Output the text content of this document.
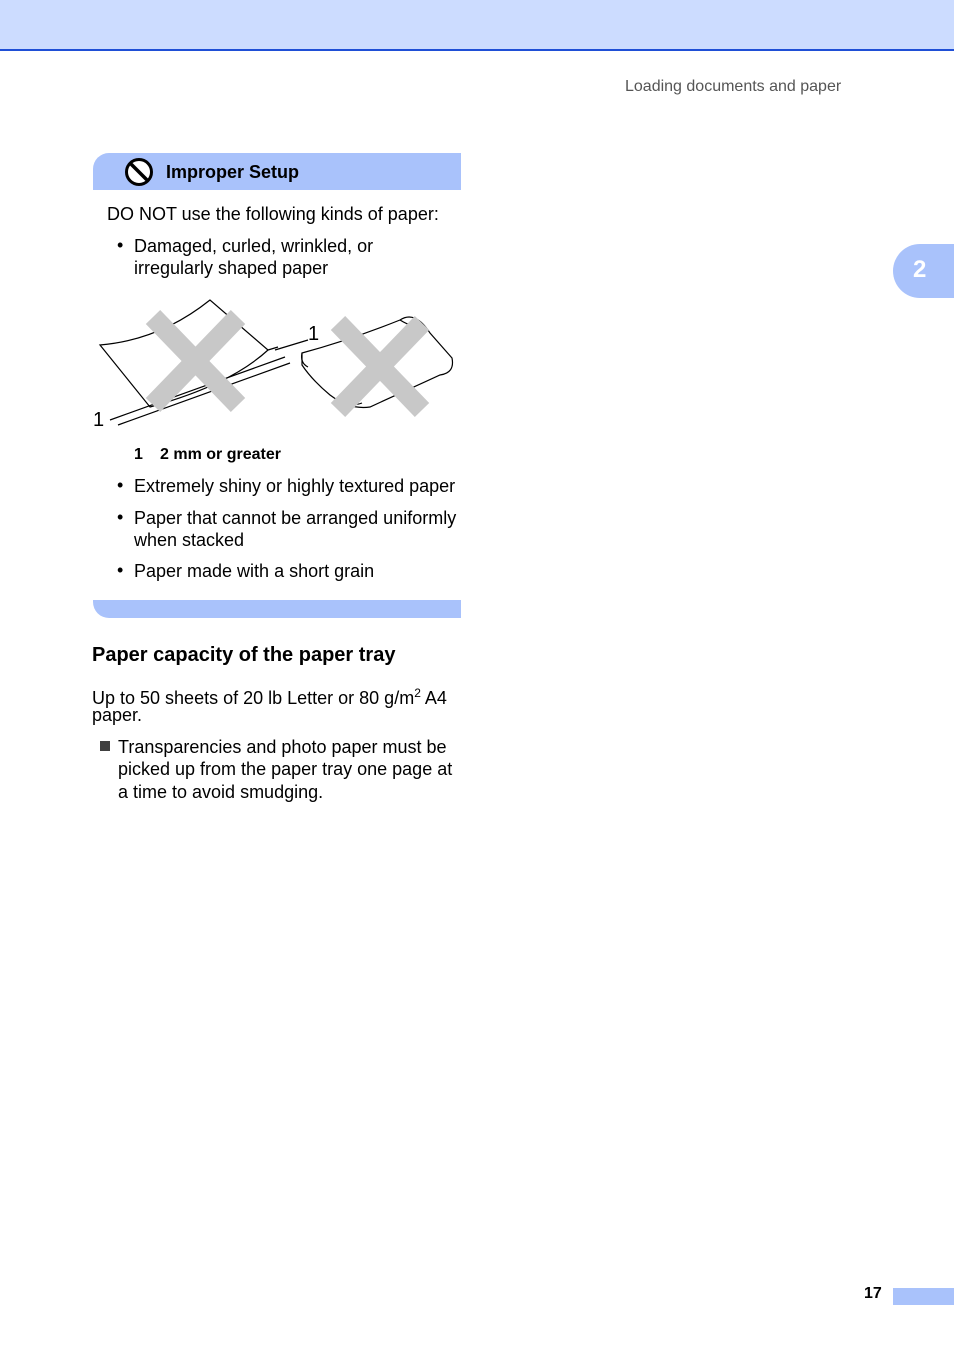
Loading documents and paper
2
Improper Setup
DO NOT use the following kinds of paper:
• Damaged, curled, wrinkled, or
irregularly shaped paper
1
1
1 2 mm or greater
• Extremely shiny or highly textured paper
• Paper that cannot be arranged uniformly
when stacked
• Paper made with a short grain
Paper capacity of the paper tray
Up to 50 sheets of 20 lb Letter or 80 $g/m^2$ A4
paper.
Transparencies and photo paper must be
picked up from the paper tray one page at
a time to avoid smudging.
17
